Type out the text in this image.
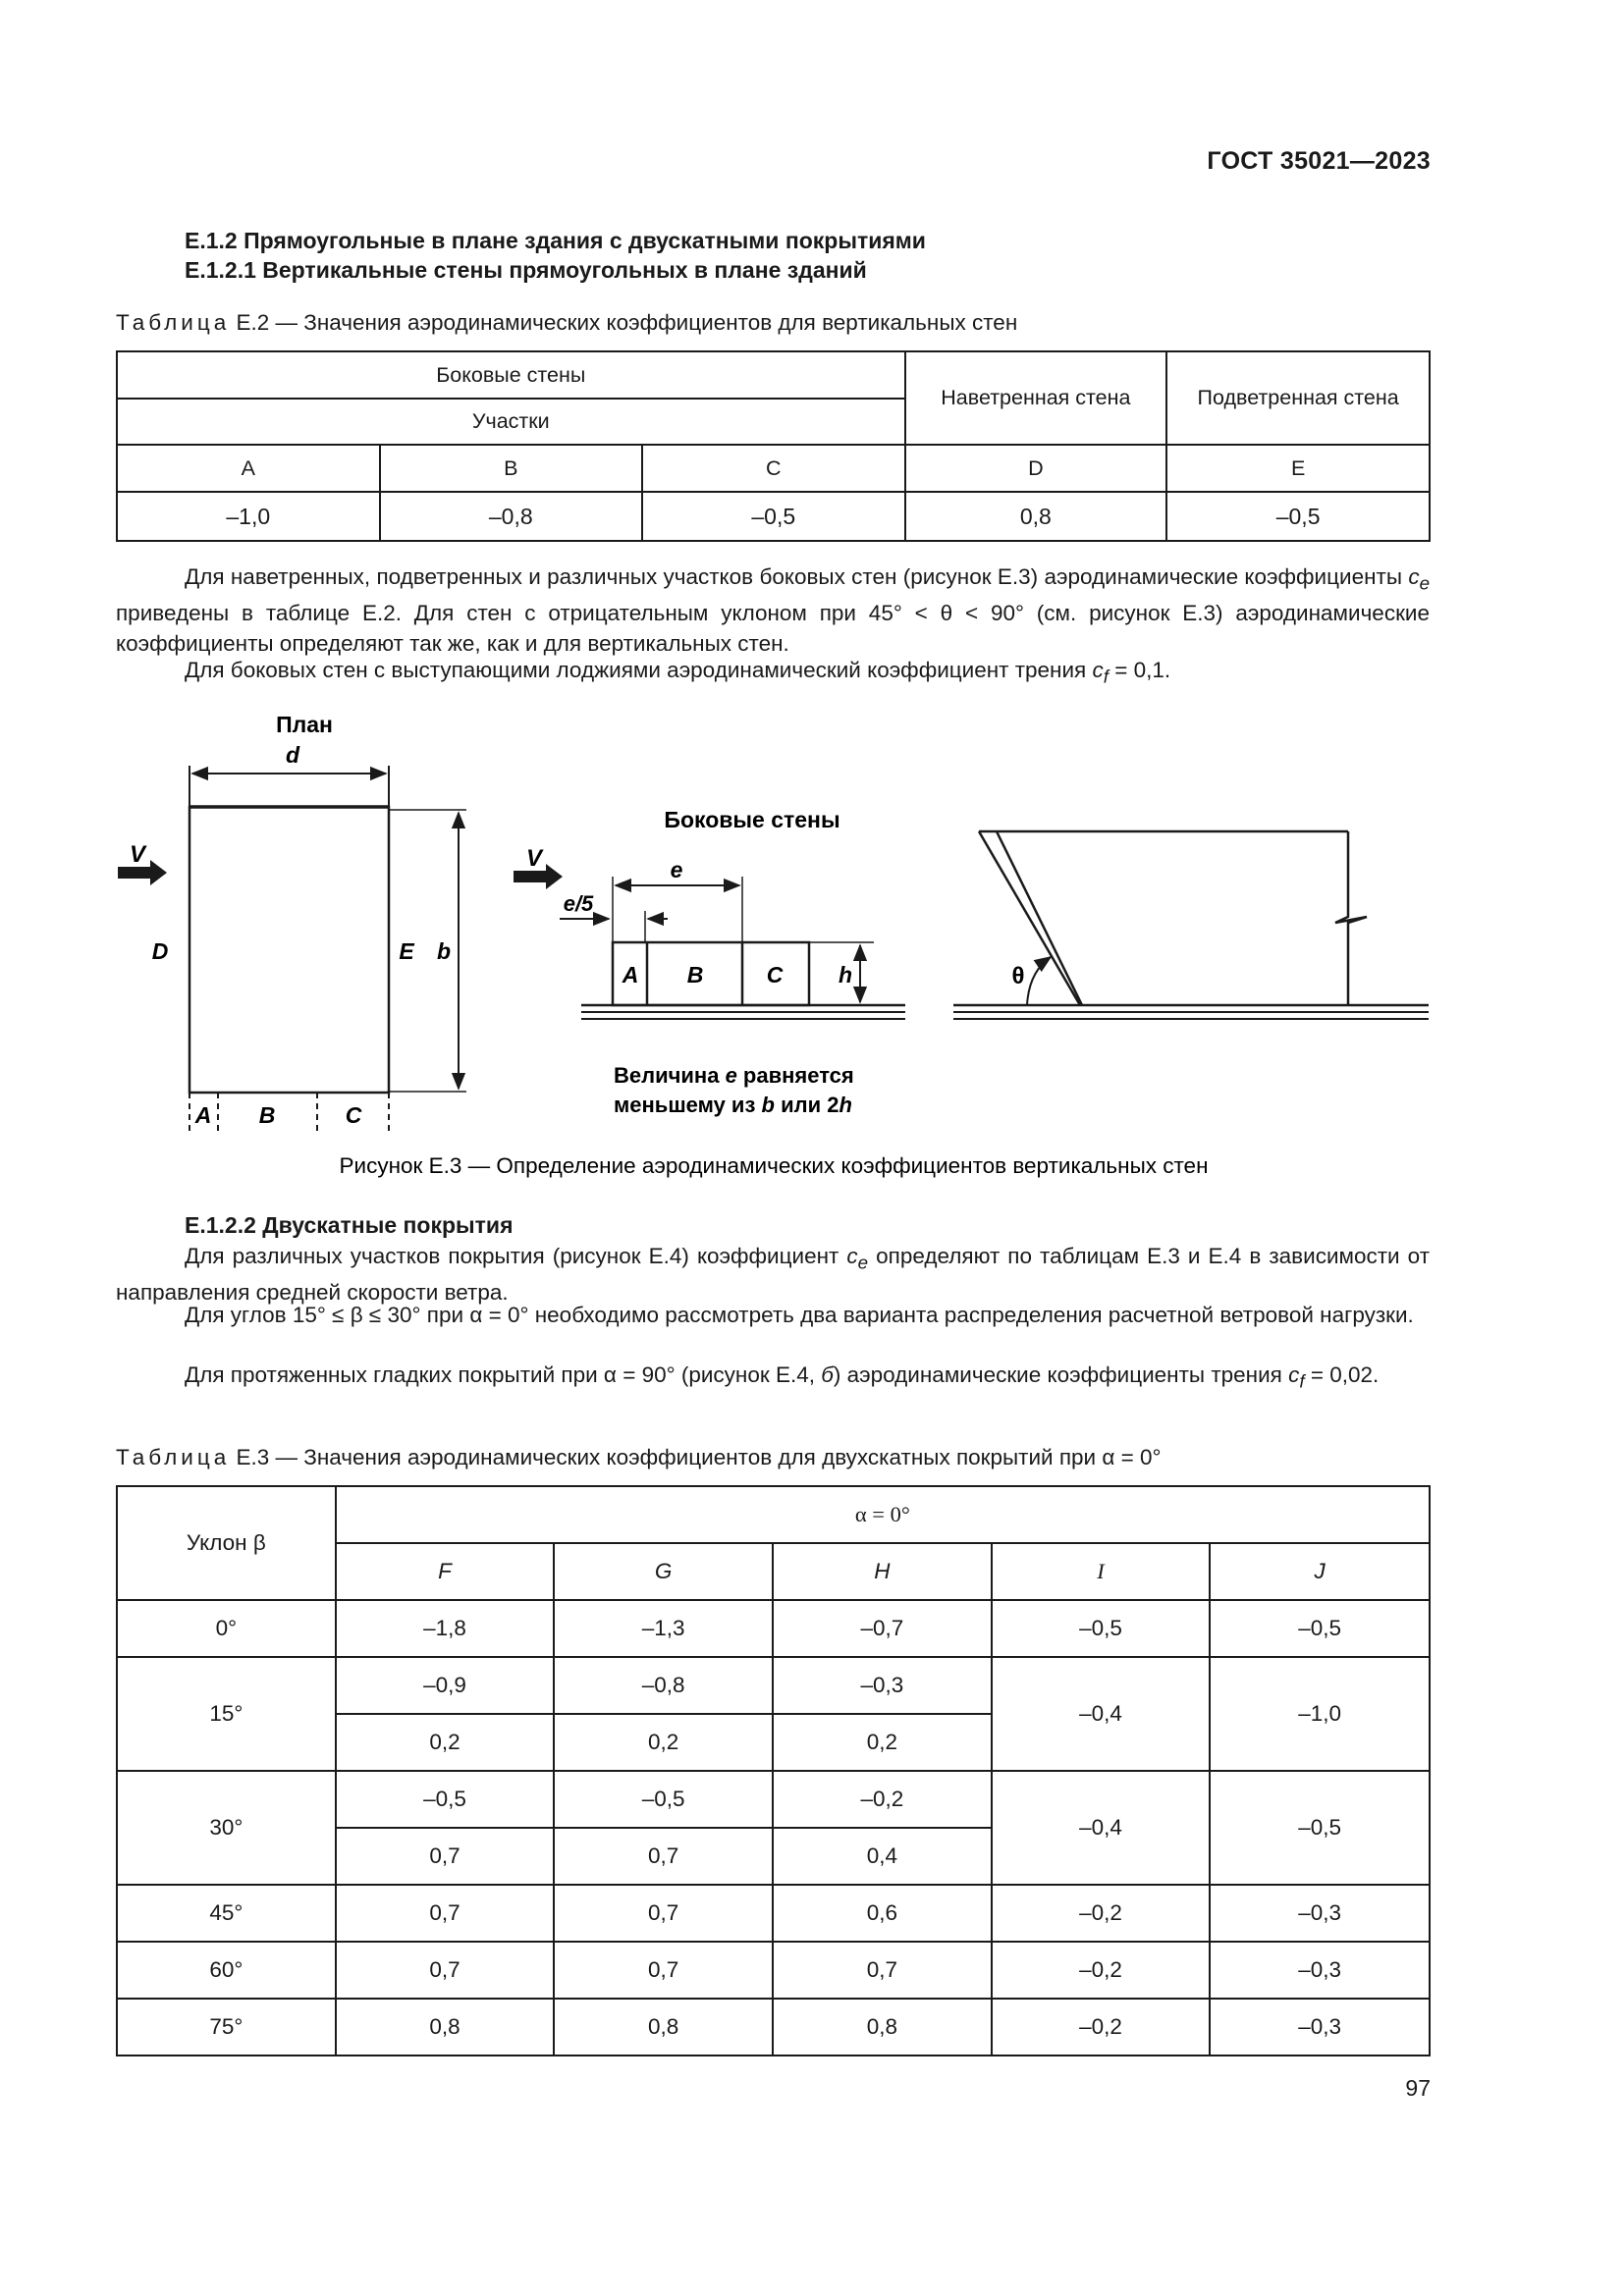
ГОСТ 35021—2023
Е.1.2 Прямоугольные в плане здания с двускатными покрытиями
Е.1.2.1 Вертикальные стены прямоугольных в плане зданий
Таблица Е.2 — Значения аэродинамических коэффициентов для вертикальных стен
Боковые стены			Наветренная стена	Подветренная стена
Участки				
A	B	C	D	E
–1,0	–0,8	–0,5	0,8	–0,5
Для наветренных, подветренных и различных участков боковых стен (рисунок Е.3) аэродинамические коэффициенты $c_e$ приведены в таблице Е.2. Для стен с отрицательным уклоном при 45° < θ < 90° (см. рисунок Е.3) аэродинамические коэффициенты определяют так же, как и для вертикальных стен.
Для боковых стен с выступающими лоджиями аэродинамический коэффициент трения $c_f = 0,1$.
План
d
D	E b
V
A B	C
Боковые стены
V	e
e/5
A B	C h
Величина e равняется
меньшему из b или 2h
θ
Рисунок Е.3 — Определение аэродинамических коэффициентов вертикальных стен
Е.1.2.2 Двускатные покрытия
Для различных участков покрытия (рисунок Е.4) коэффициент $c_e$ определяют по таблицам Е.3 и Е.4 в зависимости от направления средней скорости ветра.
Для углов 15° ≤ β ≤ 30° при α = 0° необходимо рассмотреть два варианта распределения расчетной ветровой нагрузки.
Для протяженных гладких покрытий при α = 90° (рисунок Е.4, б) аэродинамические коэффициенты трения $c_f = 0,02$.
Таблица Е.3 — Значения аэродинамических коэффициентов для двухскатных покрытий при α = 0°
Уклон β	α = 0°				
	F	G	H	I	J
0°	–1,8	–1,3	–0,7	–0,5	–0,5
15°	–0,9	–0,8	–0,3	–0,4	–1,0
	0,2	0,2	0,2		
30°	–0,5	–0,5	–0,2	–0,4	–0,5
	0,7	0,7	0,4		
45°	0,7	0,7	0,6	–0,2	–0,3
60°	0,7	0,7	0,7	–0,2	–0,3
75°	0,8	0,8	0,8	–0,2	–0,3
97
